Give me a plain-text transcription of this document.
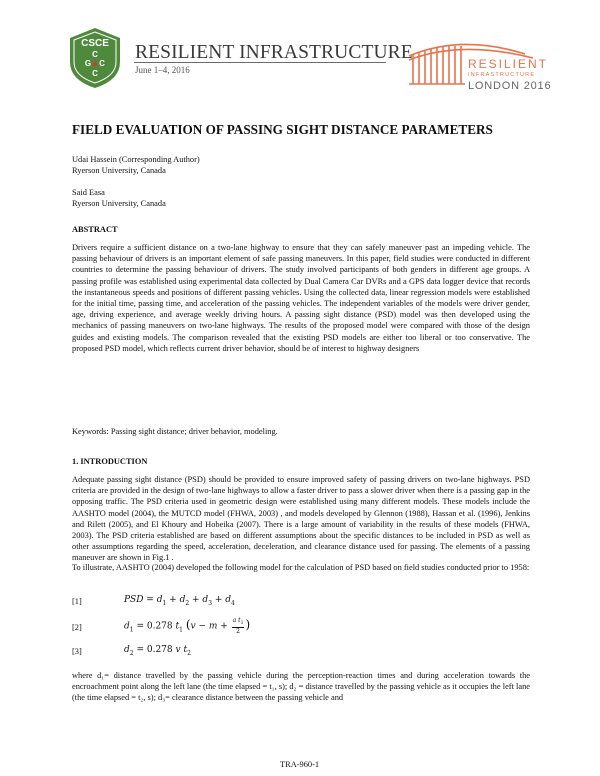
CSCE
C
G C
C
RESILIENT INFRASTRUCTURE
June 1–4, 2016	RESILIENT
INFRASTRUCTURE
LONDON 2016
FIELD EVALUATION OF PASSING SIGHT DISTANCE PARAMETERS
Udai Hassein (Corresponding Author)
Ryerson University, Canada
Said Easa
Ryerson University, Canada
ABSTRACT
Drivers require a sufficient distance on a two-lane highway to ensure that they can safely maneuver past an impeding vehicle. The passing behaviour of drivers is an important element of safe passing maneuvers. In this paper, field studies were conducted in different countries to determine the passing behaviour of drivers. The study involved participants of both genders in different age groups. A passing profile was established using experimental data collected by Dual Camera Car DVRs and a GPS data logger device that records the instantaneous speeds and positions of different passing vehicles. Using the collected data, linear regression models were established for the initial time, passing time, and acceleration of the passing vehicles. The independent variables of the models were driver gender, age, driving experience, and average weekly driving hours. A passing sight distance (PSD) model was then developed using the mechanics of passing maneuvers on two-lane highways. The results of the proposed model were compared with those of the design guides and existing models. The comparison revealed that the existing PSD models are either too liberal or too conservative. The proposed PSD model, which reflects current driver behavior, should be of interest to highway designers
Keywords: Passing sight distance; driver behavior, modeling.
1. INTRODUCTION
Adequate passing sight distance (PSD) should be provided to ensure improved safety of passing drivers on two-lane highways. PSD criteria are provided in the design of two-lane highways to allow a faster driver to pass a slower driver when there is a passing gap in the opposing traffic. The PSD criteria used in geometric design were established using many different models. These models include the AASHTO model (2004), the MUTCD model (FHWA, 2003) , and models developed by Glennon (1988), Hassan et al. (1996), Jenkins and Rilett (2005), and El Khoury and Hobeika (2007). There is a large amount of variability in the results of these models (FHWA, 2003). The PSD criteria established are based on different assumptions about the specific distances to be included in PSD as well as other assumptions regarding the speed, acceleration, deceleration, and clearance distance used for passing. The elements of a passing maneuver are shown in Fig.1 .
To illustrate, AASHTO (2004) developed the following model for the calculation of PSD based on field studies conducted prior to 1958:
[1]	PSD = $d_1 + d_2 + d_3 + d_4$
[2]	$d_1 = 0.278$ $t_1$ ($v - m + \frac{a t_1}{2}$ )
[3]	$d_2 = 0.278$ v $t_2$
where d₁= distance travelled by the passing vehicle during the perception-reaction times and during acceleration towards the encroachment point along the left lane (the time elapsed = t₁, s); d₂ = distance travelled by the passing vehicle as it occupies the left lane (the time elapsed = t₂, s); d₃= clearance distance between the passing vehicle and
TRA-960-1
